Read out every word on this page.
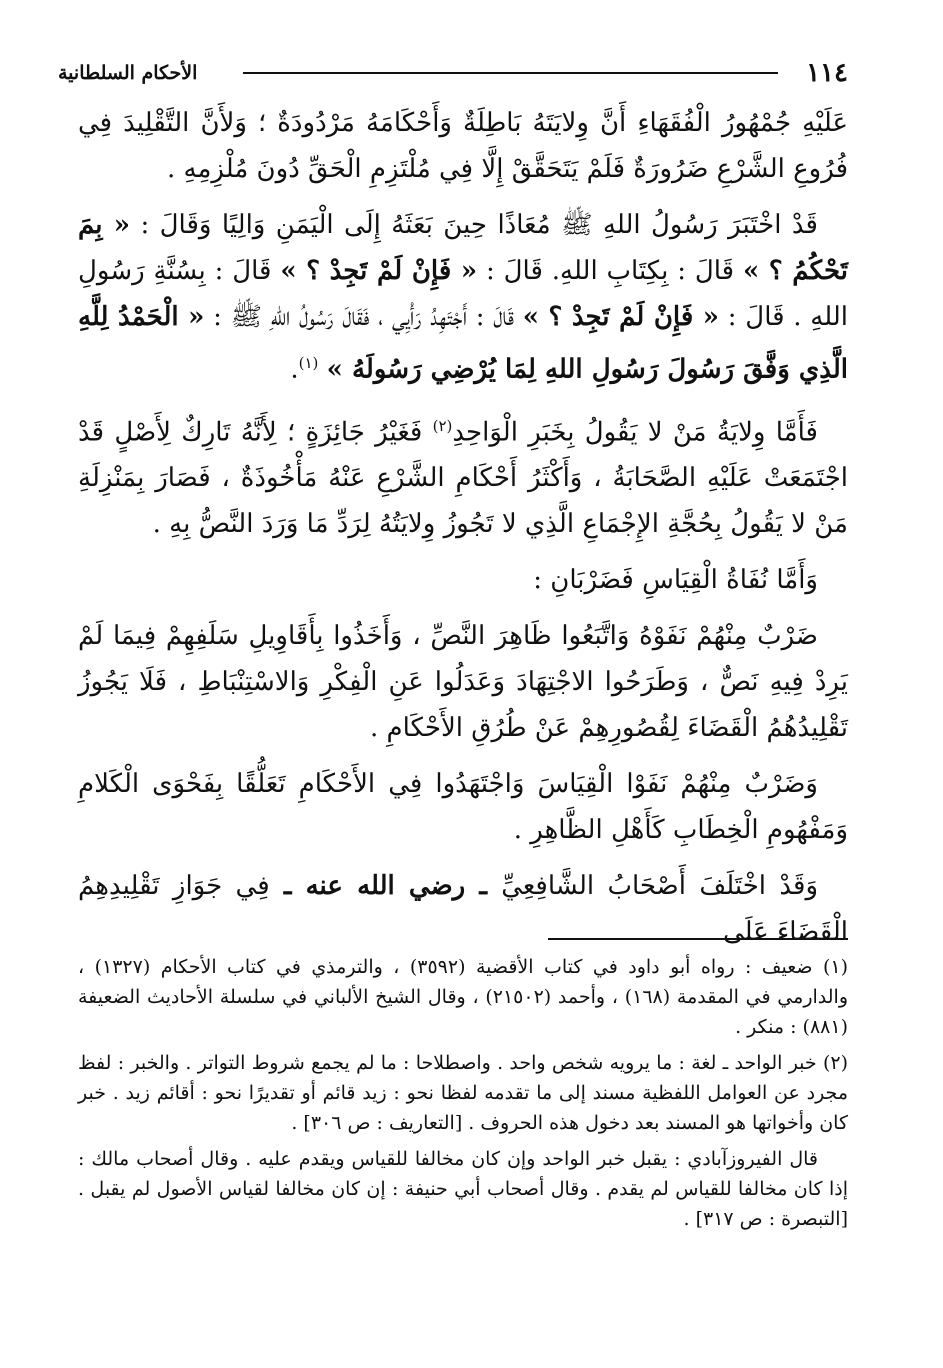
١١٤
الأحكام السلطانية

عَلَيْهِ جُمْهُورُ الْفُقَهَاءِ أَنَّ وِلايَتَهُ بَاطِلَةٌ وَأَحْكَامَهُ مَرْدُودَةٌ ؛ وَلأَنَّ التَّقْلِيدَ فِي فُرُوعِ الشَّرْعِ ضَرُورَةٌ فَلَمْ يَتَحَقَّقْ إِلَّا فِي مُلْتَزِمِ الْحَقِّ دُونَ مُلْزِمِهِ .

قَدْ اخْتَبَرَ رَسُولُ اللهِ ﷺ مُعَاذًا حِينَ بَعَثَهُ إِلَى الْيَمَنِ وَالِيًا وَقَالَ : « بِمَ تَحْكُمُ ؟ » قَالَ : بِكِتَابِ اللهِ. قَالَ : « فَإِنْ لَمْ تَجِدْ ؟ » قَالَ : بِسُنَّةِ رَسُولِ اللهِ . قَالَ : « فَإِنْ لَمْ تَجِدْ ؟ » قَالَ : أَجْتَهِدُ رَأْيِي ، فَقَالَ رَسُولُ اللهِ ﷺ : « الْحَمْدُ لِلَّهِ الَّذِي وَفَّقَ رَسُولَ رَسُولِ اللهِ لِمَا يُرْضِي رَسُولَهُ » $^{(١)}$.

فَأَمَّا وِلايَةُ مَنْ لا يَقُولُ بِخَبَرِ الْوَاحِدِ$^{(٢)}$ فَغَيْرُ جَائِزَةٍ ؛ لِأَنَّهُ تَارِكٌ لِأَصْلٍ قَدْ اجْتَمَعَتْ عَلَيْهِ الصَّحَابَةُ ، وَأَكْثَرُ أَحْكَامِ الشَّرْعِ عَنْهُ مَأْخُوذَةٌ ، فَصَارَ بِمَنْزِلَةِ مَنْ لا يَقُولُ بِحُجَّةِ الإِجْمَاعِ الَّذِي لا تَجُوزُ وِلايَتُهُ لِرَدِّ مَا وَرَدَ النَّصُّ بِهِ .

وَأَمَّا نُفَاةُ الْقِيَاسِ فَضَرْبَانِ :

ضَرْبٌ مِنْهُمْ نَفَوْهُ وَاتَّبَعُوا ظَاهِرَ النَّصِّ ، وَأَخَذُوا بِأَقَاوِيلِ سَلَفِهِمْ فِيمَا لَمْ يَرِدْ فِيهِ نَصٌّ ، وَطَرَحُوا الاجْتِهَادَ وَعَدَلُوا عَنِ الْفِكْرِ وَالاسْتِنْبَاطِ ، فَلَا يَجُوزُ تَقْلِيدُهُمُ الْقَضَاءَ لِقُصُورِهِمْ عَنْ طُرُقِ الأَحْكَامِ .

وَضَرْبٌ مِنْهُمْ نَفَوْا الْقِيَاسَ وَاجْتَهَدُوا فِي الأَحْكَامِ تَعَلُّقًا بِفَحْوَى الْكَلامِ وَمَفْهُومِ الْخِطَابِ كَأَهْلِ الظَّاهِرِ .

وَقَدْ اخْتَلَفَ أَصْحَابُ الشَّافِعِيِّ ـ رضي الله عنه ـ فِي جَوَازِ تَقْلِيدِهِمُ الْقَضَاءَ عَلَى

(١) ضعيف : رواه أبو داود في كتاب الأقضية (٣٥٩٢) ، والترمذي في كتاب الأحكام (١٣٢٧) ، والدارمي في المقدمة (١٦٨) ، وأحمد (٢١٥٠٢) ، وقال الشيخ الألباني في سلسلة الأحاديث الضعيفة (٨٨١) : منكر .

(٢) خبر الواحد ـ لغة : ما يرويه شخص واحد . واصطلاحا : ما لم يجمع شروط التواتر . والخبر : لفظ مجرد عن العوامل اللفظية مسند إلى ما تقدمه لفظا نحو : زيد قائم أو تقديرًا نحو : أقائم زيد . خبر كان وأخواتها هو المسند بعد دخول هذه الحروف . [التعاريف : ص ٣٠٦] .

قال الفيروزآبادي : يقبل خبر الواحد وإن كان مخالفا للقياس ويقدم عليه . وقال أصحاب مالك : إذا كان مخالفا للقياس لم يقدم . وقال أصحاب أبي حنيفة : إن كان مخالفا لقياس الأصول لم يقبل . [التبصرة : ص ٣١٧] .
